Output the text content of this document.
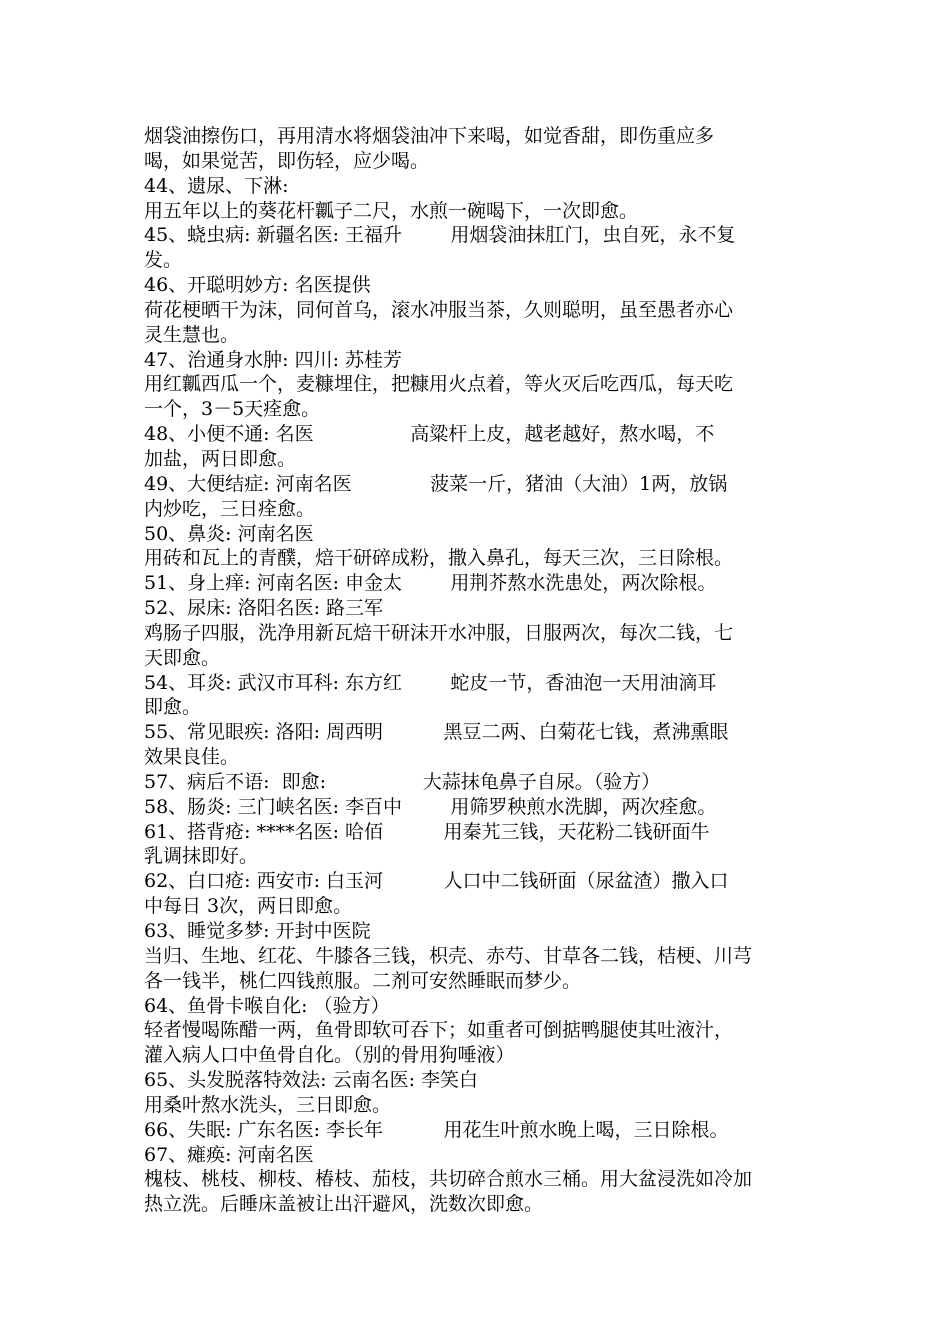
烟袋油擦伤口，再用清水将烟袋油冲下来喝，如觉香甜，即伤重应多
喝，如果觉苦，即伤轻，应少喝。
44、遗尿、下淋:
用五年以上的葵花杆瓤子二尺，水煎一碗喝下，一次即愈。
45、蛲虫病: 新疆名医: 王福升        用烟袋油抹肛门，虫自死，永不复
发。
46、开聪明妙方: 名医提供
荷花梗晒干为沫，同何首乌，滚水冲服当茶，久则聪明，虽至愚者亦心
灵生慧也。
47、治通身水肿: 四川: 苏桂芳
用红瓤西瓜一个，麦糠埋住，把糠用火点着，等火灭后吃西瓜，每天吃
一个，3－5天痊愈。
48、小便不通: 名医                高粱杆上皮，越老越好，熬水喝，不
加盐，两日即愈。
49、大便结症: 河南名医             菠菜一斤，猪油（大油）1两，放锅
内炒吃，三日痊愈。
50、鼻炎: 河南名医
用砖和瓦上的青醭，焙干研碎成粉，撒入鼻孔，每天三次，三日除根。
51、身上痒: 河南名医: 申金太        用荆芥熬水洗患处，两次除根。
52、尿床: 洛阳名医: 路三军
鸡肠子四服，洗净用新瓦焙干研沫开水冲服，日服两次，每次二钱，七
天即愈。
54、耳炎: 武汉市耳科: 东方红        蛇皮一节，香油泡一天用油滴耳
即愈。
55、常见眼疾: 洛阳: 周西明          黑豆二两、白菊花七钱，煮沸熏眼
效果良佳。
57、病后不语:  即愈:                大蒜抹龟鼻子自尿。（验方）
58、肠炎: 三门峡名医: 李百中        用筛罗秧煎水洗脚，两次痊愈。
61、搭背疮: ****名医: 哈佰          用秦艽三钱，天花粉二钱研面牛
乳调抹即好。
62、白口疮: 西安市: 白玉河          人口中二钱研面（尿盆渣）撒入口
中每日 3次，两日即愈。
63、睡觉多梦: 开封中医院
当归、生地、红花、牛膝各三钱，枳壳、赤芍、甘草各二钱，桔梗、川芎
各一钱半，桃仁四钱煎服。二剂可安然睡眠而梦少。
64、鱼骨卡喉自化: （验方）
轻者慢喝陈醋一两，鱼骨即软可吞下；如重者可倒掂鸭腿使其吐液汁，
灌入病人口中鱼骨自化。（别的骨用狗唾液）
65、头发脱落特效法: 云南名医: 李笑白
用桑叶熬水洗头，三日即愈。
66、失眠: 广东名医: 李长年          用花生叶煎水晚上喝，三日除根。
67、瘫痪: 河南名医
槐枝、桃枝、柳枝、椿枝、茄枝，共切碎合煎水三桶。用大盆浸洗如冷加
热立洗。后睡床盖被让出汗避风，洗数次即愈。
